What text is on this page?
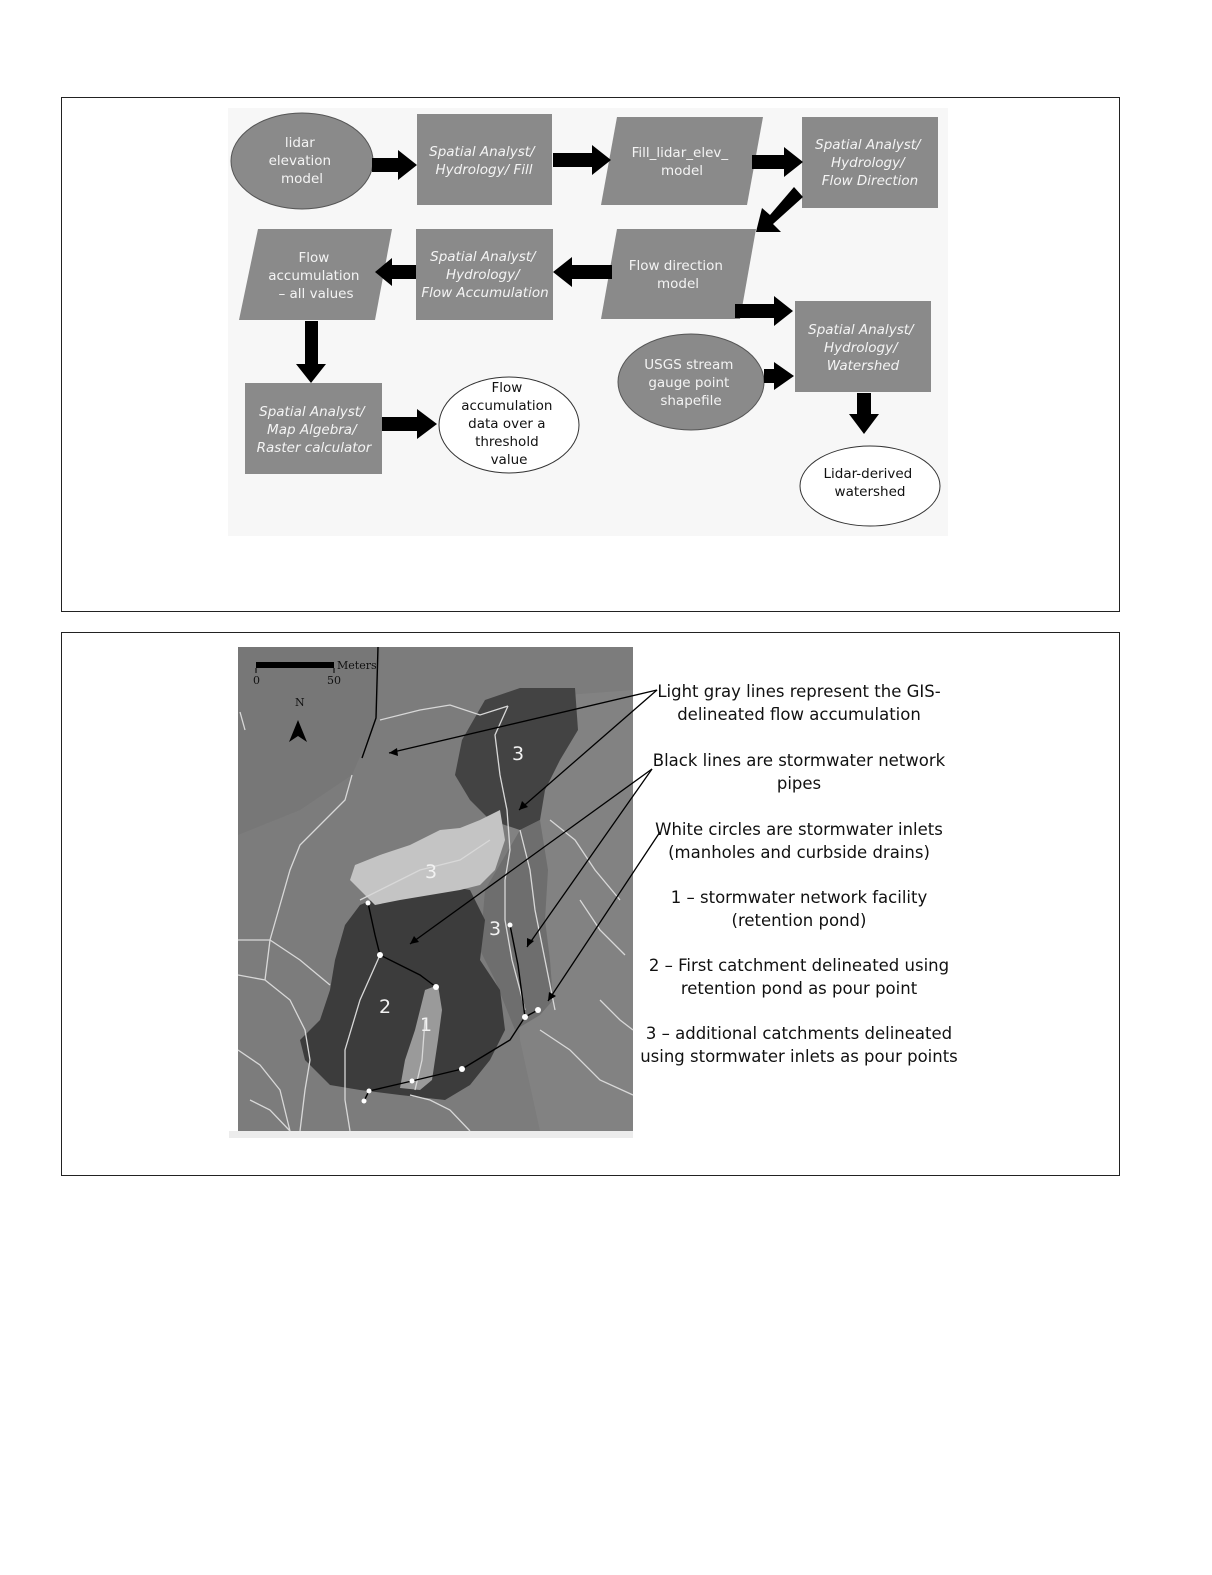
lidar elevation model
Spatial Analyst/ Hydrology/ Fill
Fill_lidar_elev_ model
Spatial Analyst/ Hydrology/ Flow Direction
Flow direction model
Spatial Analyst/ Hydrology/ Flow Accumulation
Flow accumulation – all values
Spatial Analyst/ Map Algebra/ Raster calculator
Flow accumulation data over a threshold value
USGS stream gauge point shapefile
Spatial Analyst/ Hydrology/ Watershed
Lidar-derived watershed
3
3
3
2
1
Meters
0	50
N
Light gray lines represent the GIS-delineated flow accumulation
Black lines are stormwater network pipes
White circles are stormwater inlets (manholes and curbside drains)
1 – stormwater network facility (retention pond)
2 – First catchment delineated using retention pond as pour point
3 – additional catchments delineated using stormwater inlets as pour points
